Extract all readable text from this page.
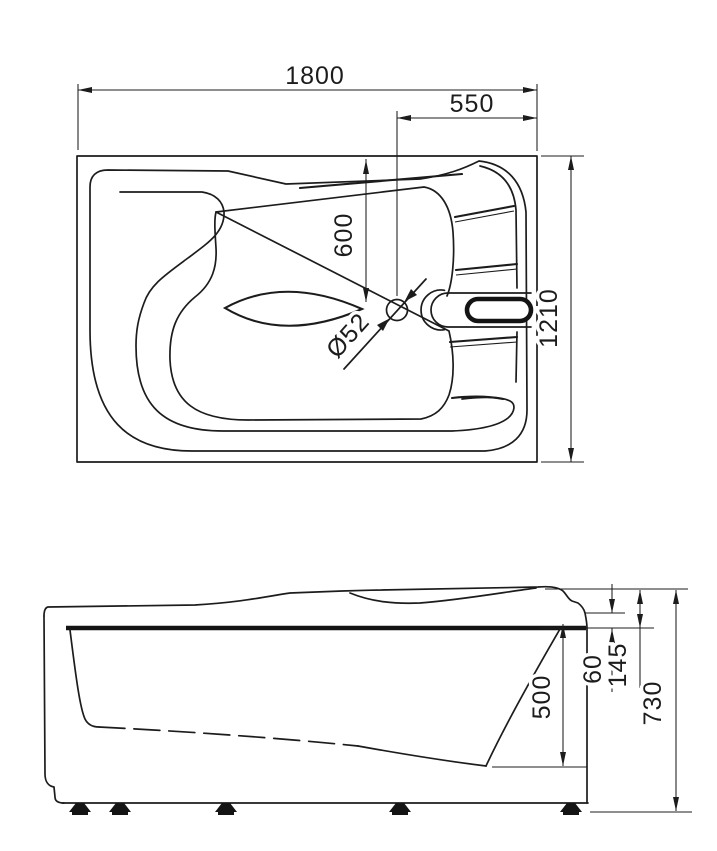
1800
550
600
Ø52	1210
60
145
500	730
